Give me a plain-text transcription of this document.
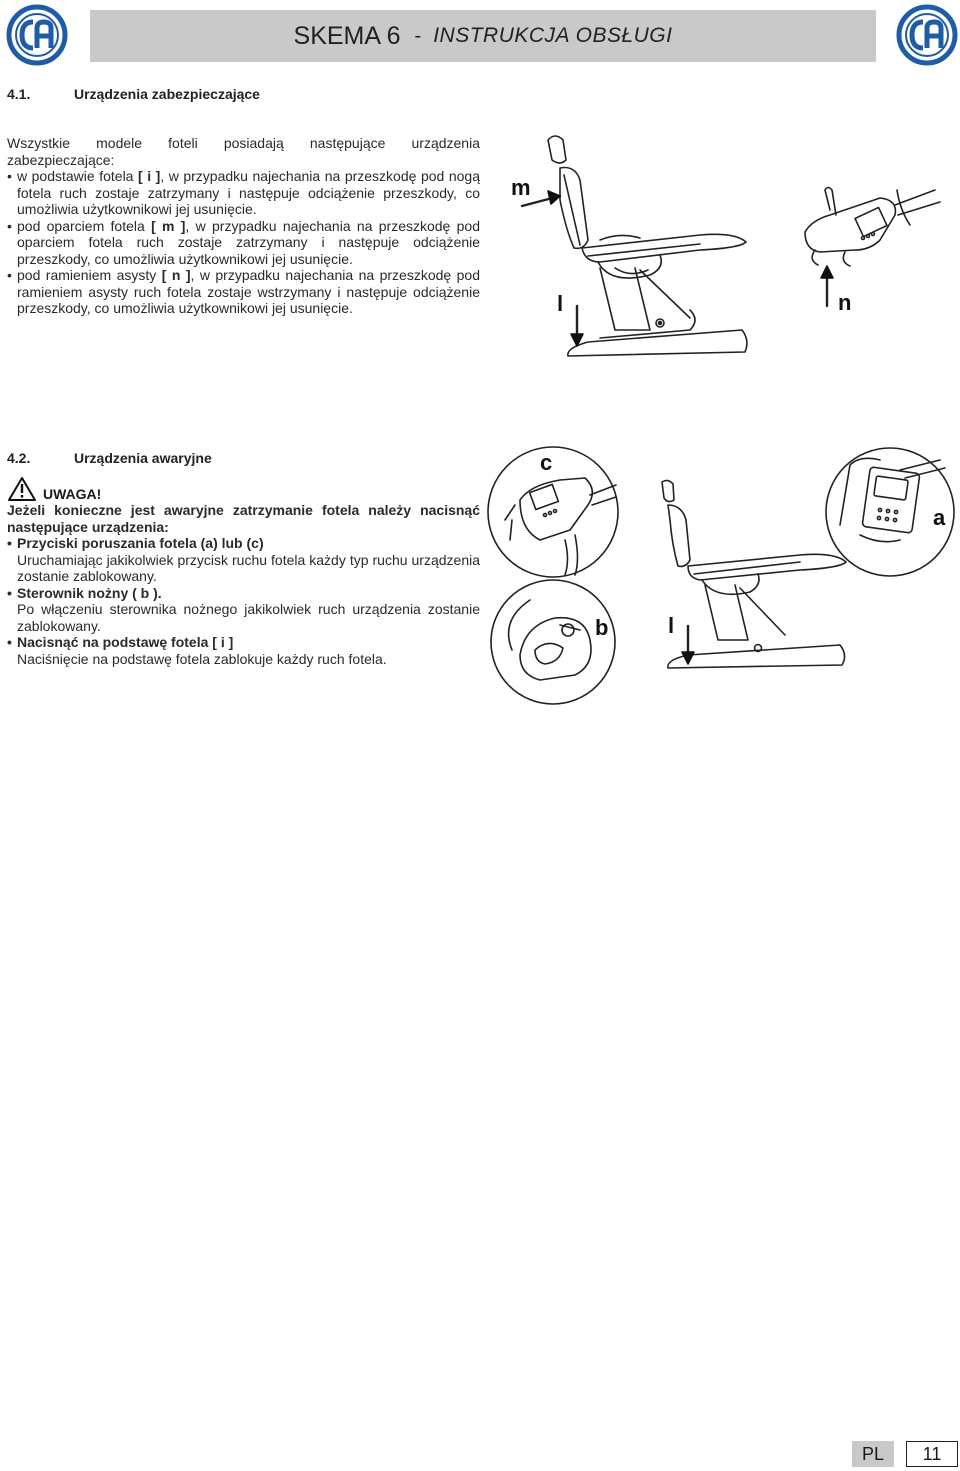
SKEMA 6 - INSTRUKCJA OBSŁUGI
4.1.	Urządzenia zabezpieczające

Wszystkie modele foteli posiadają następujące urządzenia zabezpieczające:

• w podstawie fotela [ i ], w przypadku najechania na przeszkodę pod nogą fotela ruch zostaje zatrzymany i następuje odciążenie przeszkody, co umożliwia użytkownikowi jej usunięcie.
• pod oparciem fotela [ m ], w przypadku najechania na przeszkodę pod oparciem fotela ruch zostaje zatrzymany i następuje odciążenie przeszkody, co umożliwia użytkownikowi jej usunięcie.
• pod ramieniem asysty [ n ], w przypadku najechania na przeszkodę pod ramieniem asysty ruch fotela zostaje wstrzymany i następuje odciążenie przeszkody, co umożliwia użytkownikowi jej usunięcie.
4.2.	Urządzenia awaryjne
UWAGA!

Jeżeli konieczne jest awaryjne zatrzymanie fotela należy nacisnąć następujące urządzenia:

• Przyciski poruszania fotela (a) lub (c)

Uruchamiając jakikolwiek przycisk ruchu fotela każdy typ ruchu urządzenia zostanie zablokowany.

• Sterownik nożny ( b ).

Po włączeniu sterownika nożnego jakikolwiek ruch urządzenia zostanie zablokowany.

• Nacisnąć na podstawę fotela [ i ]

Naciśnięcie na podstawę fotela zablokuje każdy ruch fotela.

m
l	n
c
a
b	l
PL	11
